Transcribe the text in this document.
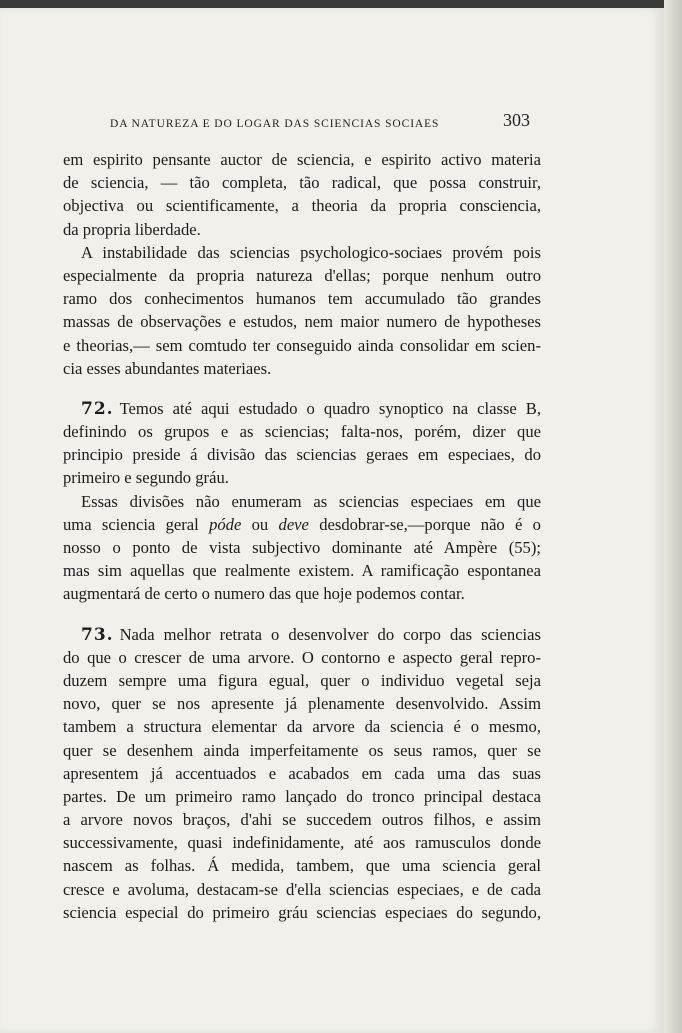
DA NATUREZA E DO LOGAR DAS SCIENCIAS SOCIAES	303
em espirito pensante auctor de sciencia, e espirito activo materia
de sciencia, — tão completa, tão radical, que possa construir,
objectiva ou scientificamente, a theoria da propria consciencia,
da propria liberdade.
A instabilidade das sciencias psychologico-sociaes provém pois
especialmente da propria natureza d'ellas; porque nenhum outro
ramo dos conhecimentos humanos tem accumulado tão grandes
massas de observações e estudos, nem maior numero de hypotheses
e theorias,— sem comtudo ter conseguido ainda consolidar em scien-
cia esses abundantes materiaes.
72. Temos até aqui estudado o quadro synoptico na classe B,
definindo os grupos e as sciencias; falta-nos, porém, dizer que
principio preside á divisão das sciencias geraes em especiaes, do
primeiro e segundo gráu.
Essas divisões não enumeram as sciencias especiaes em que
uma sciencia geral póde ou deve desdobrar-se,—porque não é o
nosso o ponto de vista subjectivo dominante até Ampère (55);
mas sim aquellas que realmente existem. A ramificação espontanea
augmentará de certo o numero das que hoje podemos contar.
73. Nada melhor retrata o desenvolver do corpo das sciencias
do que o crescer de uma arvore. O contorno e aspecto geral repro-
duzem sempre uma figura egual, quer o individuo vegetal seja
novo, quer se nos apresente já plenamente desenvolvido. Assim
tambem a structura elementar da arvore da sciencia é o mesmo,
quer se desenhem ainda imperfeitamente os seus ramos, quer se
apresentem já accentuados e acabados em cada uma das suas
partes. De um primeiro ramo lançado do tronco principal destaca
a arvore novos braços, d'ahi se succedem outros filhos, e assim
successivamente, quasi indefinidamente, até aos ramusculos donde
nascem as folhas. Á medida, tambem, que uma sciencia geral
cresce e avoluma, destacam-se d'ella sciencias especiaes, e de cada
sciencia especial do primeiro gráu sciencias especiaes do segundo,
